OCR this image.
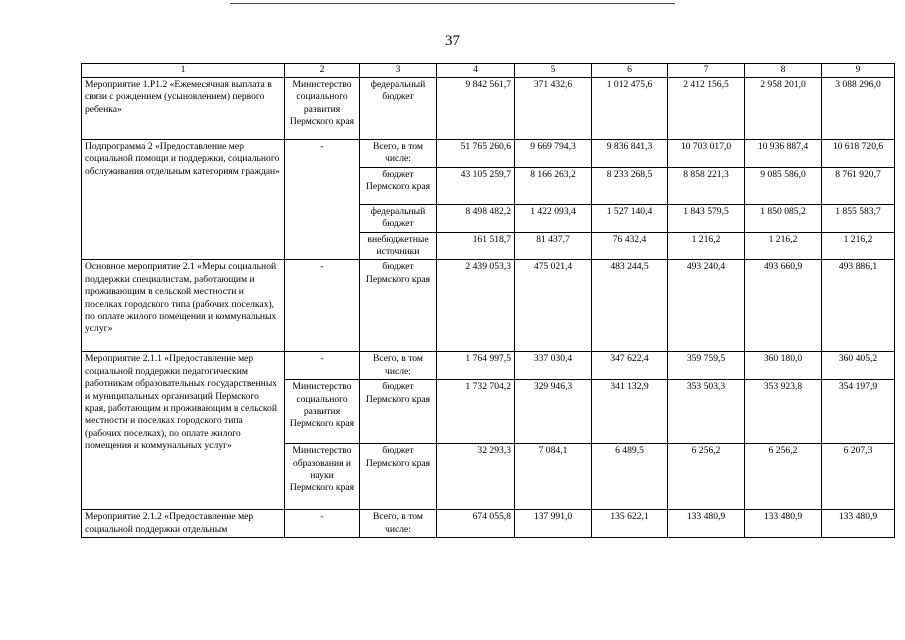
37
1	2	3	4	5	6	7	8	9
Мероприятие 1.Р1.2 «Ежемесячная выплата в связи с рождением (усыновлением) первого ребенка»	Министерство социального развития Пермского края	федеральный бюджет	9 842 561,7	371 432,6	1 012 475,6	2 412 156,5	2 958 201,0	3 088 296,0
Подпрограмма 2 «Предоставление мер социальной помощи и поддержки, социального обслуживания отдельным категориям граждан»	-	Всего, в том числе:	51 765 260,6	9 669 794,3	9 836 841,3	10 703 017,0	10 936 887,4	10 618 720,6
		бюджет Пермского края	43 105 259,7	8 166 263,2	8 233 268,5	8 858 221,3	9 085 586,0	8 761 920,7
		федеральный бюджет	8 498 482,2	1 422 093,4	1 527 140,4	1 843 579,5	1 850 085,2	1 855 583,7
		внебюджетные источники	161 518,7	81 437,7	76 432,4	1 216,2	1 216,2	1 216,2
Основное мероприятие 2.1 «Меры социальной поддержки специалистам, работающим и проживающим в сельской местности и поселках городского типа (рабочих поселках), по оплате жилого помещения и коммунальных услуг»	-	бюджет Пермского края	2 439 053,3	475 021,4	483 244,5	493 240,4	493 660,9	493 886,1
Мероприятие 2.1.1 «Предоставление мер социальной поддержки педагогическим работникам образовательных государственных и муниципальных организаций Пермского края, работающим и проживающим в сельской местности и поселках городского типа (рабочих поселках), по оплате жилого помещения и коммунальных услуг»	-	Всего, в том числе:	1 764 997,5	337 030,4	347 622,4	359 759,5	360 180,0	360 405,2
	Министерство социального развития Пермского края	бюджет Пермского края	1 732 704,2	329 946,3	341 132,9	353 503,3	353 923,8	354 197,9
	Министерство образования и науки Пермского края	бюджет Пермского края	32 293,3	7 084,1	6 489,5	6 256,2	6 256,2	6 207,3
Мероприятие 2.1.2 «Предоставление мер социальной поддержки отдельным	-	Всего, в том числе:	674 055,8	137 991,0	135 622,1	133 480,9	133 480,9	133 480,9
